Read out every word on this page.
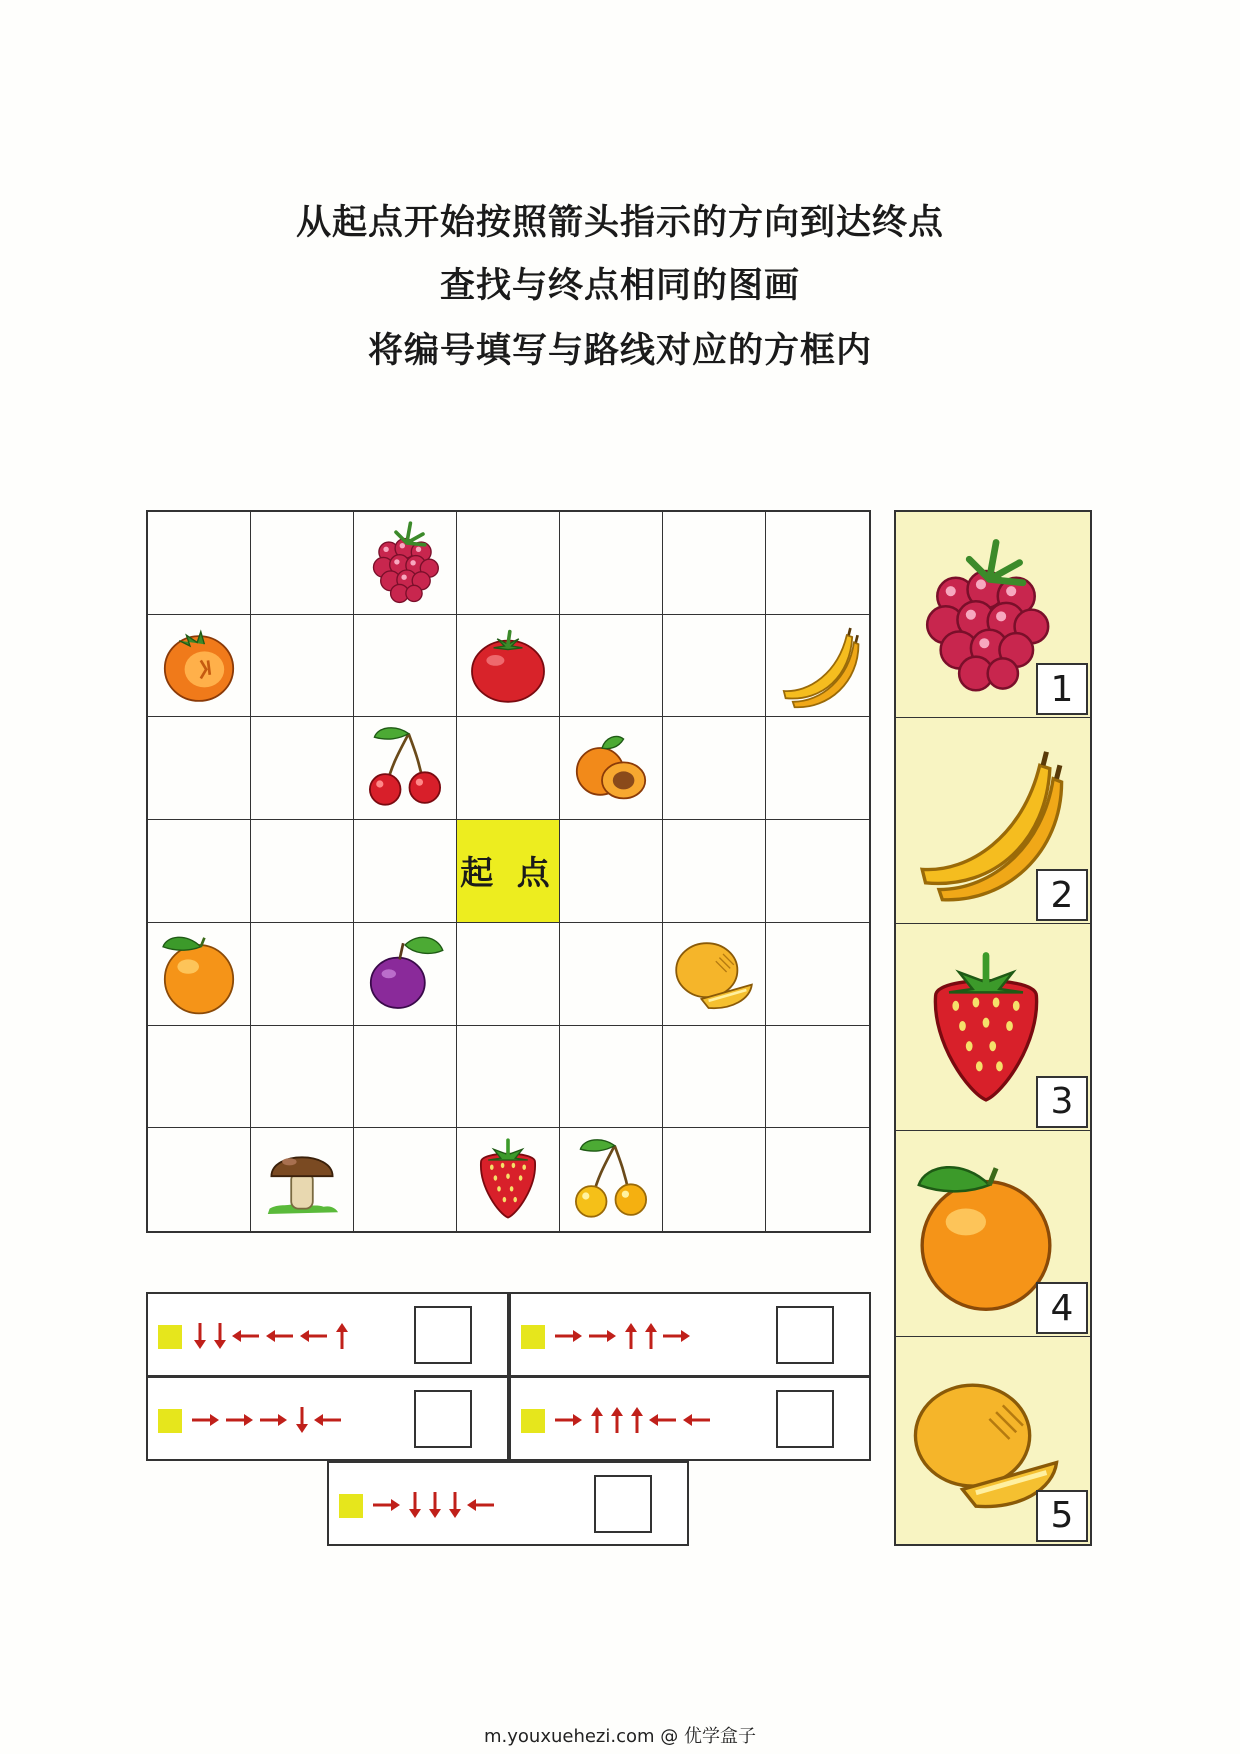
从起点开始按照箭头指示的方向到达终点
查找与终点相同的图画
将编号填写与路线对应的方框内
起 点
1
2
3
4
5
m.youxuehezi.com @ 优学盒子
